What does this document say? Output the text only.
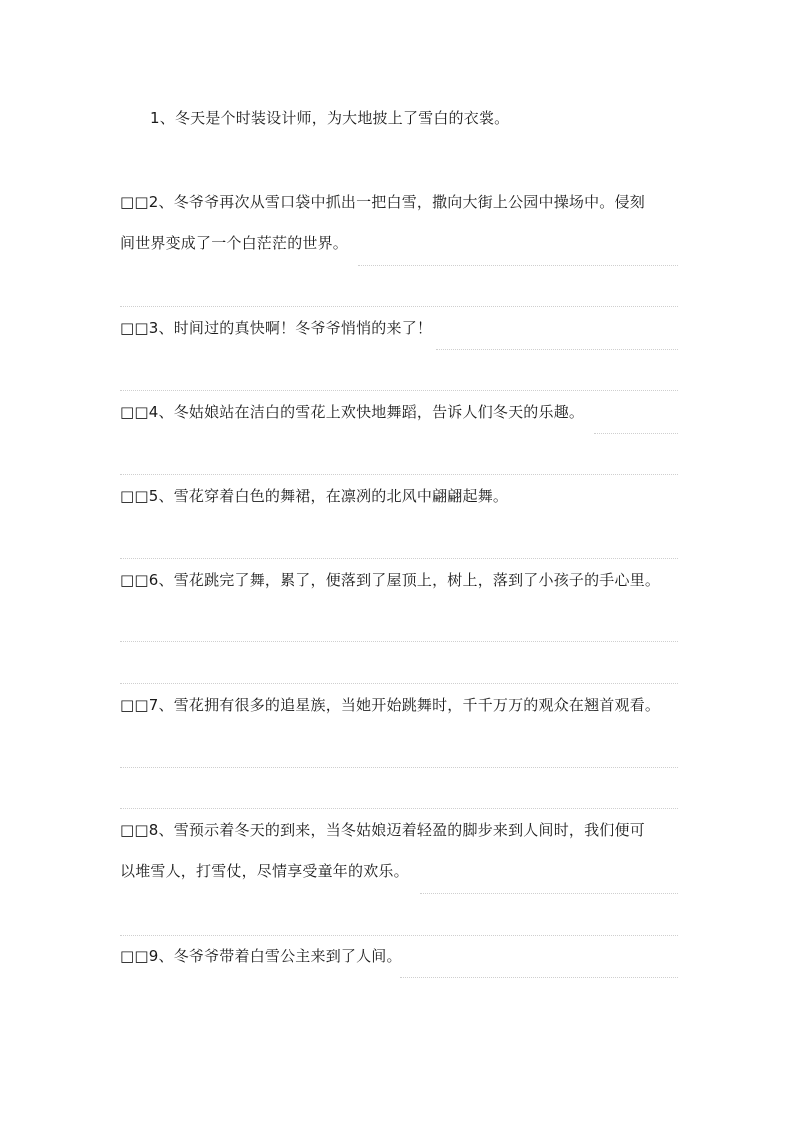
1、冬天是个时装设计师，为大地披上了雪白的衣裳。
□□2、冬爷爷再次从雪口袋中抓出一把白雪，撒向大街上公园中操场中。侵刻
间世界变成了一个白茫茫的世界。
□□3、时间过的真快啊！冬爷爷悄悄的来了！
□□4、冬姑娘站在洁白的雪花上欢快地舞蹈，告诉人们冬天的乐趣。
□□5、雪花穿着白色的舞裙，在凛冽的北风中翩翩起舞。
□□6、雪花跳完了舞，累了，便落到了屋顶上，树上，落到了小孩子的手心里。
□□7、雪花拥有很多的追星族，当她开始跳舞时，千千万万的观众在翘首观看。
□□8、雪预示着冬天的到来，当冬姑娘迈着轻盈的脚步来到人间时，我们便可
以堆雪人，打雪仗，尽情享受童年的欢乐。
□□9、冬爷爷带着白雪公主来到了人间。
